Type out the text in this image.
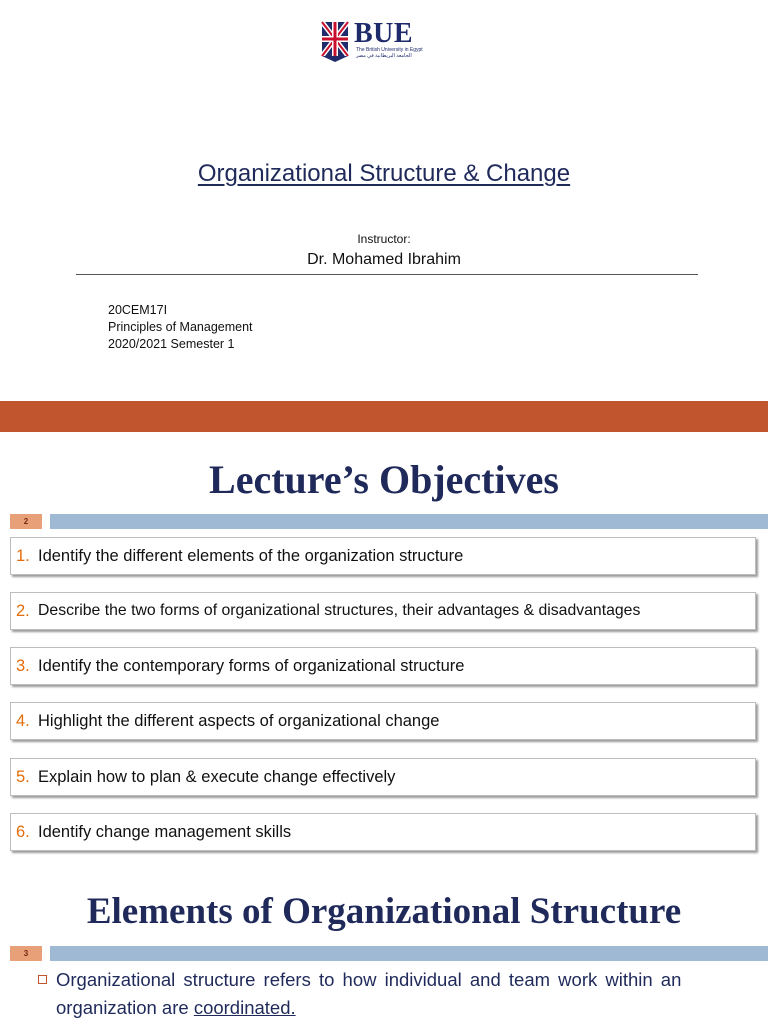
BUE
The British University in Egypt
الجامعة البريطانية في مصر
Organizational Structure & Change
Instructor:
Dr. Mohamed Ibrahim
20CEM17I
Principles of Management
2020/2021 Semester 1
Lecture’s Objectives
2
1. Identify the different elements of the organization structure
2. Describe the two forms of organizational structures, their advantages & disadvantages
3. Identify the contemporary forms of organizational structure
4. Highlight the different aspects of organizational change
5. Explain how to plan & execute change effectively
6. Identify change management skills
Elements of Organizational Structure
3
Organizational structure refers to how individual and team work within an
organization are coordinated.
